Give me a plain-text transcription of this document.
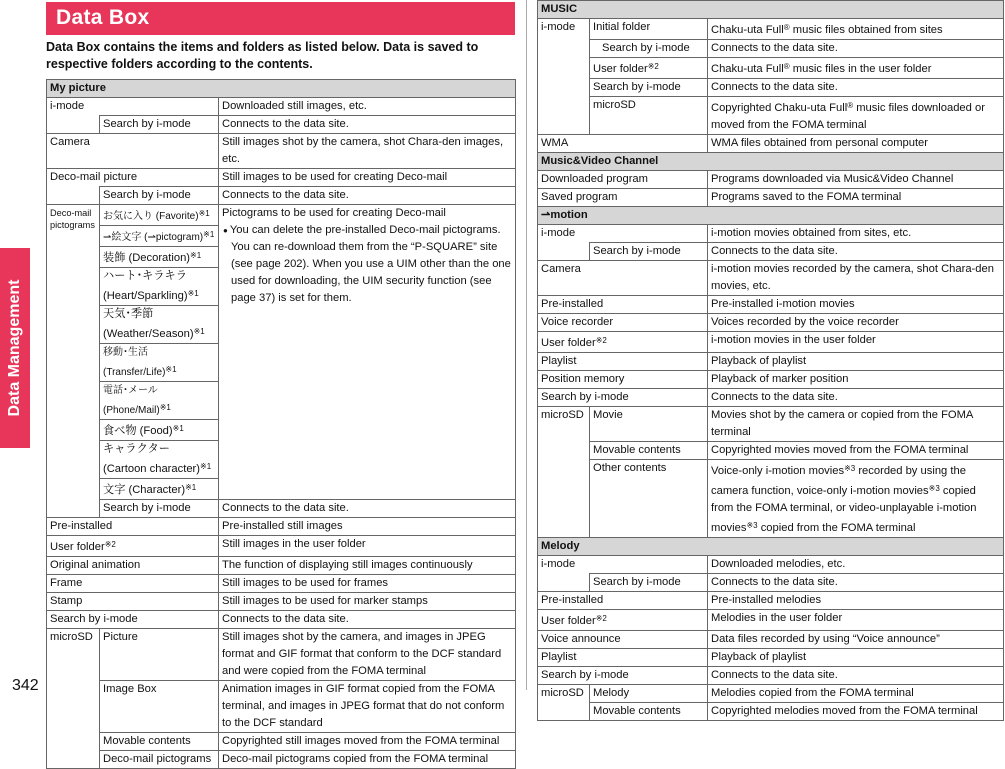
Data Management
Data Box

Data Box contains the items and folders as listed below. Data is saved to respective folders according to the contents.

My picture		
i-mode		Downloaded still images, etc.
	Search by i-mode	Connects to the data site.
Camera		Still images shot by the camera, shot Chara-den images, etc.
Deco-mail picture		Still images to be used for creating Deco-mail
	Search by i-mode	Connects to the data site.
Deco-mail pictograms	お気に入り (Favorite)$^{※1}$	Pictograms to be used for creating Deco-mail
● You can delete the pre-installed Deco-mail pictograms. You can re-download them from the “P-SQUARE” site (see page 202). When you use a UIM other than the one used for downloading, the UIM security function (see page 37) is set for them.

	⇀絵文字 (⇀pictogram)$^{※1}$
	装飾 (Decoration)$^{※1}$
	ハート･キラキラ (Heart/Sparkling)$^{※1}$
	天気･季節 (Weather/Season)$^{※1}$
	移動･生活 (Transfer/Life)$^{※1}$
	電話･メール (Phone/Mail)$^{※1}$
	食べ物 (Food)$^{※1}$
	キャラクター (Cartoon character)$^{※1}$
	文字 (Character)$^{※1}$
	Search by i-mode	Connects to the data site.
Pre-installed		Pre-installed still images
User folder$^{※2}$		Still images in the user folder
Original animation		The function of displaying still images continuously
Frame		Still images to be used for frames
Stamp		Still images to be used for marker stamps
Search by i-mode		Connects to the data site.
microSD	Picture	Still images shot by the camera, and images in JPEG format and GIF format that conform to the DCF standard and were copied from the FOMA terminal
	Image Box	Animation images in GIF format copied from the FOMA terminal, and images in JPEG format that do not conform to the DCF standard
	Movable contents	Copyrighted still images moved from the FOMA terminal
	Deco-mail pictograms	Deco-mail pictograms copied from the FOMA terminal
MUSIC		
i-mode	Initial folder	Chaku-uta Full® music files obtained from sites
	Search by i-mode	Connects to the data site.
	User folder$^{※2}$	Chaku-uta Full® music files in the user folder
	Search by i-mode	Connects to the data site.
	microSD	Copyrighted Chaku-uta Full® music files downloaded or moved from the FOMA terminal
WMA		WMA files obtained from personal computer
Music&Video Channel		
Downloaded program		Programs downloaded via Music&Video Channel
Saved program		Programs saved to the FOMA terminal
⇀motion		
i-mode		i-motion movies obtained from sites, etc.
	Search by i-mode	Connects to the data site.
Camera		i-motion movies recorded by the camera, shot Chara-den movies, etc.
Pre-installed		Pre-installed i-motion movies
Voice recorder		Voices recorded by the voice recorder
User folder$^{※2}$		i-motion movies in the user folder
Playlist		Playback of playlist
Position memory		Playback of marker position
Search by i-mode		Connects to the data site.
microSD	Movie	Movies shot by the camera or copied from the FOMA terminal
	Movable contents	Copyrighted movies moved from the FOMA terminal
	Other contents	Voice-only i-motion movies$^{※3}$ recorded by using the camera function, voice-only i-motion movies$^{※3}$ copied from the FOMA terminal, or video-unplayable i-motion movies$^{※3}$ copied from the FOMA terminal
Melody		
i-mode		Downloaded melodies, etc.
	Search by i-mode	Connects to the data site.
Pre-installed		Pre-installed melodies
User folder$^{※2}$		Melodies in the user folder
Voice announce		Data files recorded by using “Voice announce”
Playlist		Playback of playlist
Search by i-mode		Connects to the data site.
microSD	Melody	Melodies copied from the FOMA terminal
	Movable contents	Copyrighted melodies moved from the FOMA terminal
342
